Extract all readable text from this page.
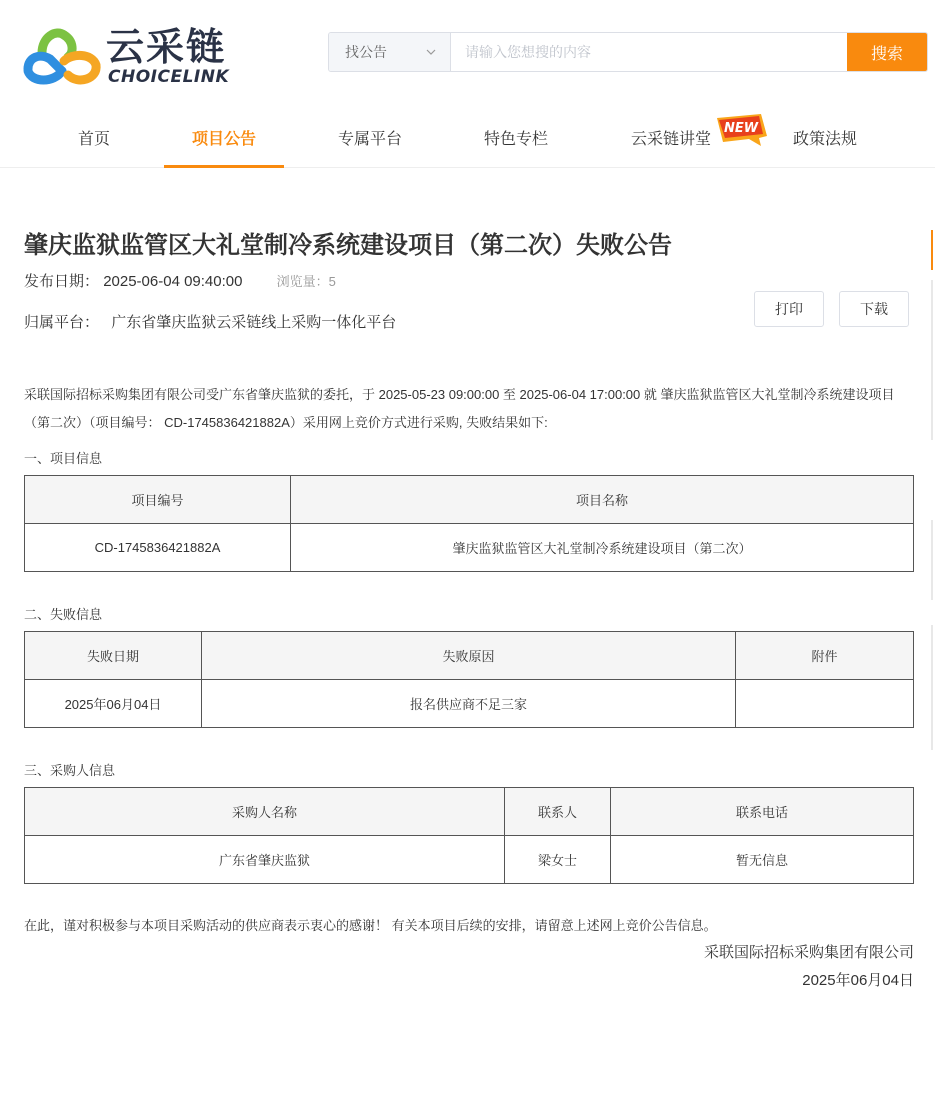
云采链
CHOICELINK
找公告
请输入您想搜的内容	搜索
首页	项目公告	专属平台	特色专栏	云采链讲堂	政策法规
NEW
肇庆监狱监管区大礼堂制冷系统建设项目（第二次）失败公告
发布日期： 2025-06-04 09:40:00	浏览量：5
归属平台： 广东省肇庆监狱云采链线上采购一体化平台
打印	下载

采联国际招标采购集团有限公司受广东省肇庆监狱的委托，于 2025-05-23 09:00:00 至 2025-06-04 17:00:00 就 肇庆监狱监管区大礼堂制冷系统建设项目（第二次）（项目编号： CD-1745836421882A）采用网上竞价方式进行采购, 失败结果如下:

一、项目信息
项目编号	项目名称
CD-1745836421882A	肇庆监狱监管区大礼堂制冷系统建设项目（第二次）
二、失败信息
失败日期	失败原因	附件
2025年06月04日	报名供应商不足三家	
三、采购人信息
采购人名称	联系人	联系电话
广东省肇庆监狱	梁女士	暂无信息

在此，谨对积极参与本项目采购活动的供应商表示衷心的感谢！ 有关本项目后续的安排，请留意上述网上竞价公告信息。

采联国际招标采购集团有限公司
2025年06月04日
